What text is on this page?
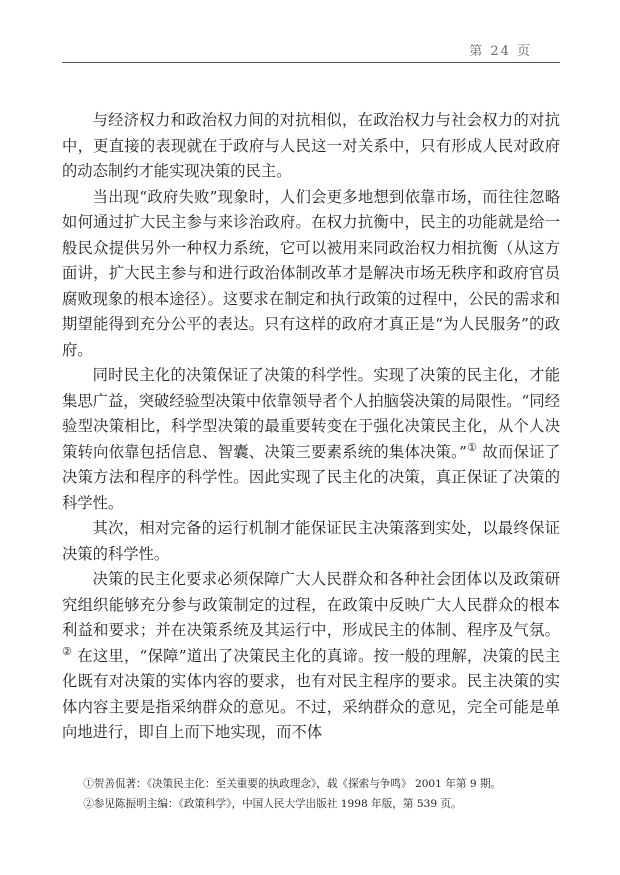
第 24 页

与经济权力和政治权力间的对抗相似，在政治权力与社会权力的对抗中，更直接的表现就在于政府与人民这一对关系中，只有形成人民对政府的动态制约才能实现决策的民主。

当出现“政府失败”现象时，人们会更多地想到依靠市场，而往往忽略如何通过扩大民主参与来诊治政府。在权力抗衡中，民主的功能就是给一般民众提供另外一种权力系统，它可以被用来同政治权力相抗衡（从这方面讲，扩大民主参与和进行政治体制改革才是解决市场无秩序和政府官员腐败现象的根本途径）。这要求在制定和执行政策的过程中，公民的需求和期望能得到充分公平的表达。只有这样的政府才真正是“为人民服务”的政府。

同时民主化的决策保证了决策的科学性。实现了决策的民主化，才能集思广益，突破经验型决策中依靠领导者个人拍脑袋决策的局限性。“同经验型决策相比，科学型决策的最重要转变在于强化决策民主化，从个人决策转向依靠包括信息、智囊、决策三要素系统的集体决策。”① 故而保证了决策方法和程序的科学性。因此实现了民主化的决策，真正保证了决策的科学性。

其次，相对完备的运行机制才能保证民主决策落到实处，以最终保证决策的科学性。

决策的民主化要求必须保障广大人民群众和各种社会团体以及政策研究组织能够充分参与政策制定的过程，在政策中反映广大人民群众的根本利益和要求；并在决策系统及其运行中，形成民主的体制、程序及气氛。② 在这里，“保障”道出了决策民主化的真谛。按一般的理解，决策的民主化既有对决策的实体内容的要求，也有对民主程序的要求。民主决策的实体内容主要是指采纳群众的意见。不过，采纳群众的意见，完全可能是单向地进行，即自上而下地实现，而不体

①贺善侃著：《决策民主化：至关重要的执政理念》，载《探索与争鸣》 2001 年第 9 期。

②参见陈振明主编：《政策科学》，中国人民大学出版社 1998 年版，第 539 页。
